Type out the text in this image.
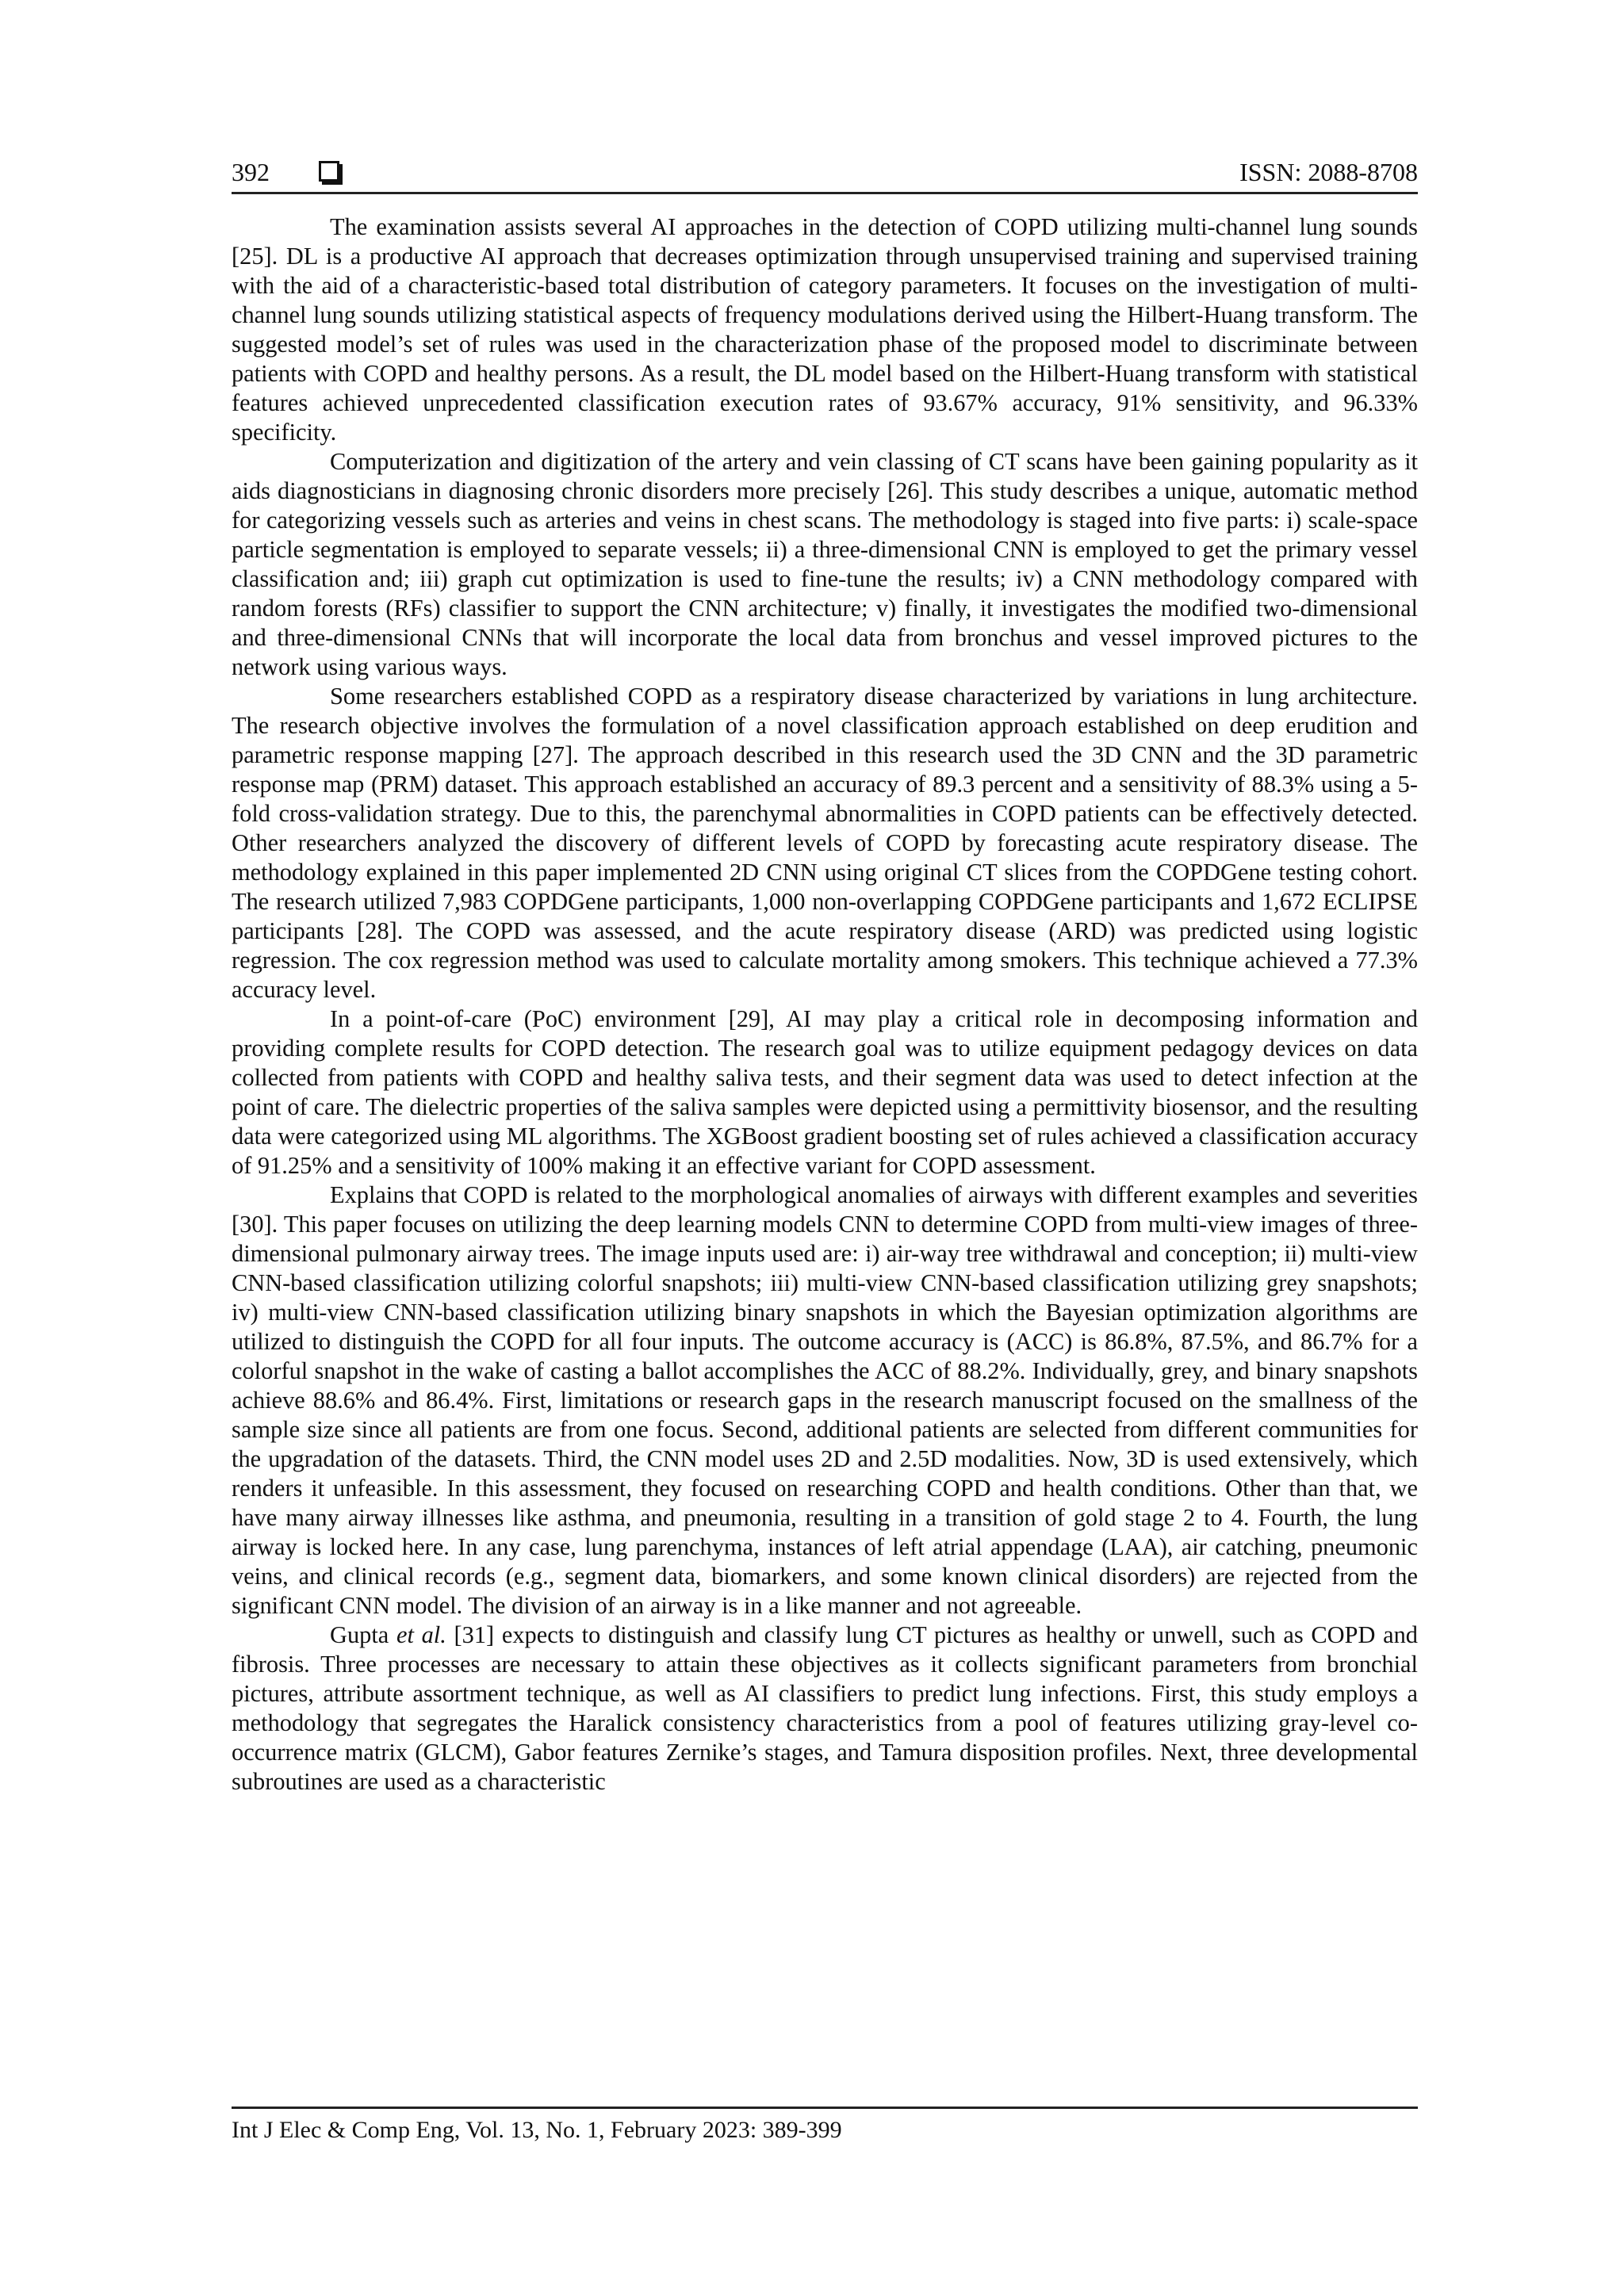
392	ISSN: 2088-8708

The examination assists several AI approaches in the detection of COPD utilizing multi-channel lung sounds [25]. DL is a productive AI approach that decreases optimization through unsupervised training and supervised training with the aid of a characteristic-based total distribution of category parameters. It focuses on the investigation of multi-channel lung sounds utilizing statistical aspects of frequency modulations derived using the Hilbert-Huang transform. The suggested model’s set of rules was used in the characterization phase of the proposed model to discriminate between patients with COPD and healthy persons. As a result, the DL model based on the Hilbert-Huang transform with statistical features achieved unprecedented classification execution rates of 93.67% accuracy, 91% sensitivity, and 96.33% specificity.

Computerization and digitization of the artery and vein classing of CT scans have been gaining popularity as it aids diagnosticians in diagnosing chronic disorders more precisely [26]. This study describes a unique, automatic method for categorizing vessels such as arteries and veins in chest scans. The methodology is staged into five parts: i) scale-space particle segmentation is employed to separate vessels; ii) a three-dimensional CNN is employed to get the primary vessel classification and; iii) graph cut optimization is used to fine-tune the results; iv) a CNN methodology compared with random forests (RFs) classifier to support the CNN architecture; v) finally, it investigates the modified two-dimensional and three-dimensional CNNs that will incorporate the local data from bronchus and vessel improved pictures to the network using various ways.

Some researchers established COPD as a respiratory disease characterized by variations in lung architecture. The research objective involves the formulation of a novel classification approach established on deep erudition and parametric response mapping [27]. The approach described in this research used the 3D CNN and the 3D parametric response map (PRM) dataset. This approach established an accuracy of 89.3 percent and a sensitivity of 88.3% using a 5-fold cross-validation strategy. Due to this, the parenchymal abnormalities in COPD patients can be effectively detected. Other researchers analyzed the discovery of different levels of COPD by forecasting acute respiratory disease. The methodology explained in this paper implemented 2D CNN using original CT slices from the COPDGene testing cohort. The research utilized 7,983 COPDGene participants, 1,000 non-overlapping COPDGene participants and 1,672 ECLIPSE participants [28]. The COPD was assessed, and the acute respiratory disease (ARD) was predicted using logistic regression. The cox regression method was used to calculate mortality among smokers. This technique achieved a 77.3% accuracy level.

In a point-of-care (PoC) environment [29], AI may play a critical role in decomposing information and providing complete results for COPD detection. The research goal was to utilize equipment pedagogy devices on data collected from patients with COPD and healthy saliva tests, and their segment data was used to detect infection at the point of care. The dielectric properties of the saliva samples were depicted using a permittivity biosensor, and the resulting data were categorized using ML algorithms. The XGBoost gradient boosting set of rules achieved a classification accuracy of 91.25% and a sensitivity of 100% making it an effective variant for COPD assessment.

Explains that COPD is related to the morphological anomalies of airways with different examples and severities [30]. This paper focuses on utilizing the deep learning models CNN to determine COPD from multi-view images of three-dimensional pulmonary airway trees. The image inputs used are: i) air-way tree withdrawal and conception; ii) multi-view CNN-based classification utilizing colorful snapshots; iii) multi-view CNN-based classification utilizing grey snapshots; iv) multi-view CNN-based classification utilizing binary snapshots in which the Bayesian optimization algorithms are utilized to distinguish the COPD for all four inputs. The outcome accuracy is (ACC) is 86.8%, 87.5%, and 86.7% for a colorful snapshot in the wake of casting a ballot accomplishes the ACC of 88.2%. Individually, grey, and binary snapshots achieve 88.6% and 86.4%. First, limitations or research gaps in the research manuscript focused on the smallness of the sample size since all patients are from one focus. Second, additional patients are selected from different communities for the upgradation of the datasets. Third, the CNN model uses 2D and 2.5D modalities. Now, 3D is used extensively, which renders it unfeasible. In this assessment, they focused on researching COPD and health conditions. Other than that, we have many airway illnesses like asthma, and pneumonia, resulting in a transition of gold stage 2 to 4. Fourth, the lung airway is locked here. In any case, lung parenchyma, instances of left atrial appendage (LAA), air catching, pneumonic veins, and clinical records (e.g., segment data, biomarkers, and some known clinical disorders) are rejected from the significant CNN model. The division of an airway is in a like manner and not agreeable.

Gupta et al. [31] expects to distinguish and classify lung CT pictures as healthy or unwell, such as COPD and fibrosis. Three processes are necessary to attain these objectives as it collects significant parameters from bronchial pictures, attribute assortment technique, as well as AI classifiers to predict lung infections. First, this study employs a methodology that segregates the Haralick consistency characteristics from a pool of features utilizing gray-level co-occurrence matrix (GLCM), Gabor features Zernike’s stages, and Tamura disposition profiles. Next, three developmental subroutines are used as a characteristic

Int J Elec & Comp Eng, Vol. 13, No. 1, February 2023: 389-399
